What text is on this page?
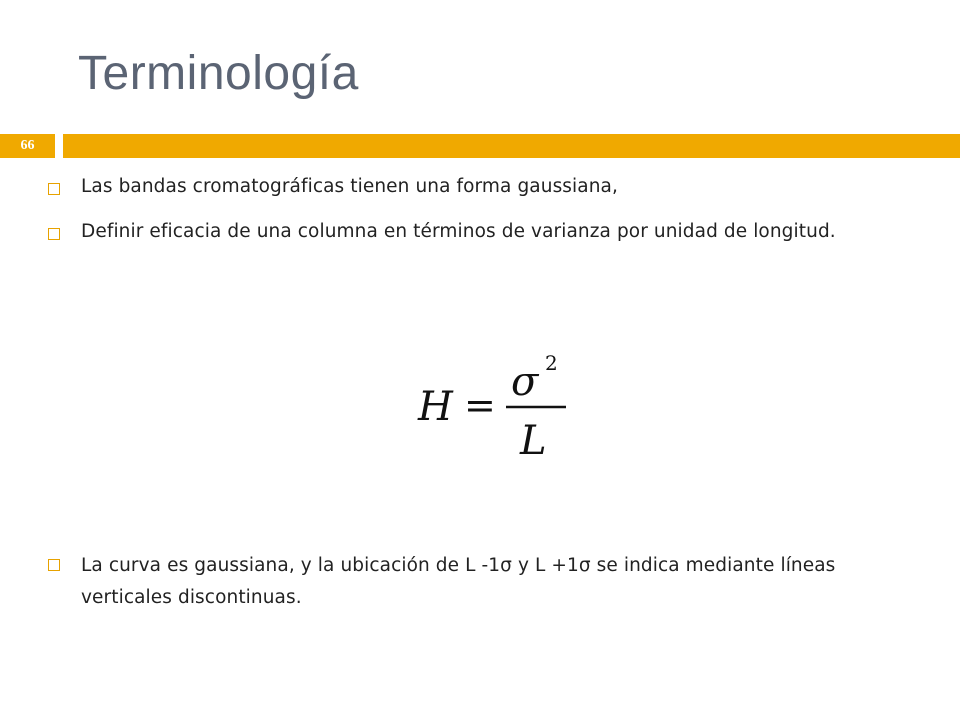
Terminología
66
Las bandas cromatográficas tienen una forma gaussiana,
Definir eficacia de una columna en términos de varianza por unidad de longitud.
La curva es gaussiana, y la ubicación de L -1σ y L +1σ se indica mediante líneas verticales discontinuas.
H = σ 2
L
